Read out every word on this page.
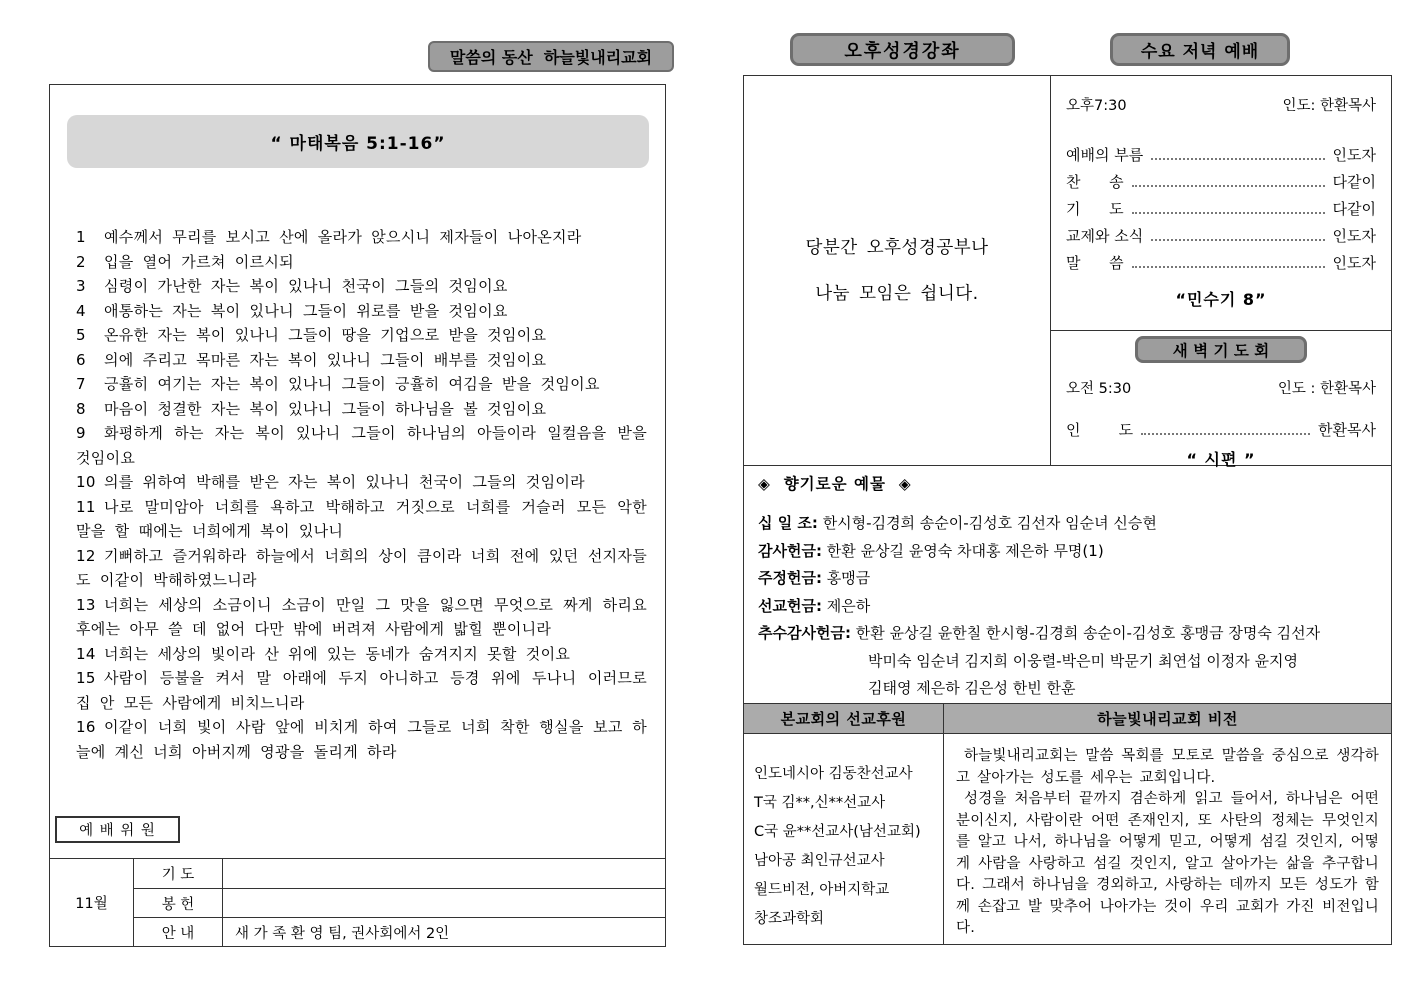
말씀의 동산  하늘빛내리교회	오후성경강좌	수요 저녁 예배
“ 마태복음 5:1-16”

1 예수께서 무리를 보시고 산에 올라가 앉으시니 제자들이 나아온지라

2 입을 열어 가르쳐 이르시되

3 심령이 가난한 자는 복이 있나니 천국이 그들의 것임이요

4 애통하는 자는 복이 있나니 그들이 위로를 받을 것임이요

5 온유한 자는 복이 있나니 그들이 땅을 기업으로 받을 것임이요

6 의에 주리고 목마른 자는 복이 있나니 그들이 배부를 것임이요

7 긍휼히 여기는 자는 복이 있나니 그들이 긍휼히 여김을 받을 것임이요

8 마음이 청결한 자는 복이 있나니 그들이 하나님을 볼 것임이요

9 화평하게 하는 자는 복이 있나니 그들이 하나님의 아들이라 일컬음을 받을 것임이요

10 의를 위하여 박해를 받은 자는 복이 있나니 천국이 그들의 것임이라

11 나로 말미암아 너희를 욕하고 박해하고 거짓으로 너희를 거슬러 모든 악한 말을 할 때에는 너희에게 복이 있나니

12 기뻐하고 즐거워하라 하늘에서 너희의 상이 큼이라 너희 전에 있던 선지자들도 이같이 박해하였느니라

13 너희는 세상의 소금이니 소금이 만일 그 맛을 잃으면 무엇으로 짜게 하리요 후에는 아무 쓸 데 없어 다만 밖에 버려져 사람에게 밟힐 뿐이니라

14 너희는 세상의 빛이라 산 위에 있는 동네가 숨겨지지 못할 것이요

15 사람이 등불을 켜서 말 아래에 두지 아니하고 등경 위에 두나니 이러므로 집 안 모든 사람에게 비치느니라

16 이같이 너희 빛이 사람 앞에 비치게 하여 그들로 너희 착한 행실을 보고 하늘에 계신 너희 아버지께 영광을 돌리게 하라

예 배 위 원
11월
기 도
봉 헌
안 내	새 가 족 환 영 팀, 권사회에서 2인
당분간 오후성경공부나
나눔 모임은 쉽니다.
오후7:30	인도: 한환목사
예배의 부름	인도자
찬      송	다같이
기      도	다같이
교제와 소식	인도자
말      씀	인도자
“민수기 8”
새 벽 기 도 회
오전 5:30	인도 : 한환목사
인        도	한환목사
“ 시편 ”
◈  향기로운 예물  ◈
십 일 조: 한시형-김경희 송순이-김성호 김선자 임순녀 신승현
감사헌금: 한환 윤상길 윤영숙 차대홍 제은하 무명(1)
주정헌금: 홍맹금
선교헌금: 제은하
추수감사헌금: 한환 윤상길 윤한칠 한시형-김경희 송순이-김성호 홍맹금 장명숙 김선자
박미숙 임순녀 김지희 이웅렬-박은미 박문기 최연섭 이정자 윤지영
김태영 제은하 김은성 한빈 한훈
본교회의 선교후원	하늘빛내리교회 비전
인도네시아 김동찬선교사
T국 김**,신**선교사
C국 윤**선교사(남선교회)
남아공 최인규선교사
월드비전, 아버지학교
창조과학회

하늘빛내리교회는 말씀 목회를 모토로 말씀을 중심으로 생각하고 살아가는 성도를 세우는 교회입니다.

성경을 처음부터 끝까지 겸손하게 읽고 들어서, 하나님은 어떤 분이신지, 사람이란 어떤 존재인지, 또 사탄의 정체는 무엇인지를 알고 나서, 하나님을 어떻게 믿고, 어떻게 섬길 것인지, 어떻게 사람을 사랑하고 섬길 것인지, 알고 살아가는 삶을 추구합니다. 그래서 하나님을 경외하고, 사랑하는 데까지 모든 성도가 함께 손잡고 발 맞추어 나아가는 것이 우리 교회가 가진 비전입니다.
